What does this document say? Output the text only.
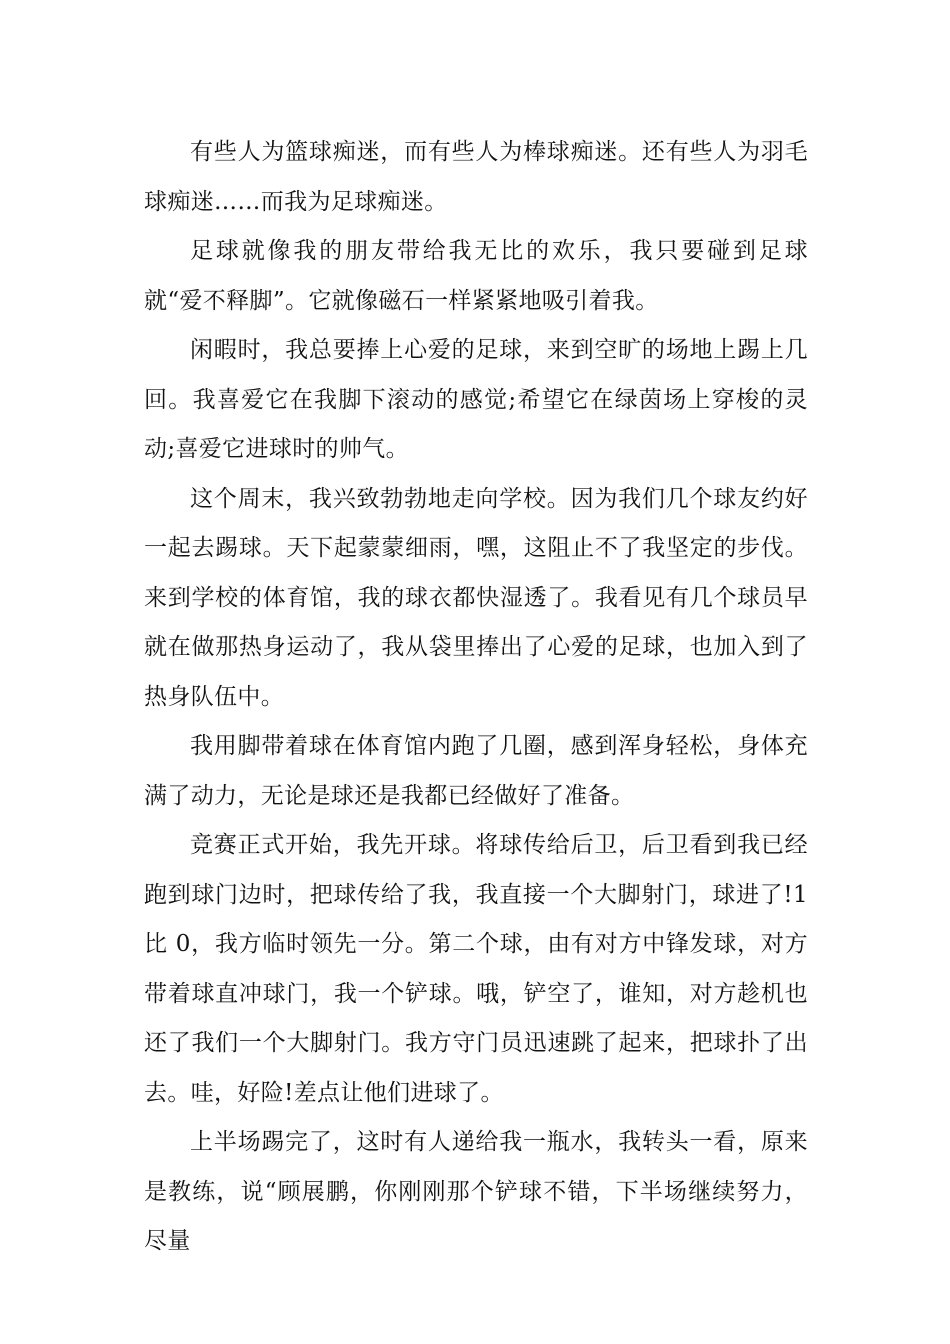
有些人为篮球痴迷，而有些人为棒球痴迷。还有些人为羽毛球痴迷……而我为足球痴迷。

足球就像我的朋友带给我无比的欢乐，我只要碰到足球就“爱不释脚”。它就像磁石一样紧紧地吸引着我。

闲暇时，我总要捧上心爱的足球，来到空旷的场地上踢上几回。我喜爱它在我脚下滚动的感觉;希望它在绿茵场上穿梭的灵动;喜爱它进球时的帅气。

这个周末，我兴致勃勃地走向学校。因为我们几个球友约好一起去踢球。天下起蒙蒙细雨，嘿，这阻止不了我坚定的步伐。来到学校的体育馆，我的球衣都快湿透了。我看见有几个球员早就在做那热身运动了，我从袋里捧出了心爱的足球，也加入到了热身队伍中。

我用脚带着球在体育馆内跑了几圈，感到浑身轻松，身体充满了动力，无论是球还是我都已经做好了准备。

竞赛正式开始，我先开球。将球传给后卫，后卫看到我已经跑到球门边时，把球传给了我，我直接一个大脚射门，球进了!1 比 0，我方临时领先一分。第二个球，由有对方中锋发球，对方带着球直冲球门，我一个铲球。哦，铲空了，谁知，对方趁机也还了我们一个大脚射门。我方守门员迅速跳了起来，把球扑了出去。哇，好险!差点让他们进球了。

上半场踢完了，这时有人递给我一瓶水，我转头一看，原来是教练，说“顾展鹏，你刚刚那个铲球不错，下半场继续努力，尽量
